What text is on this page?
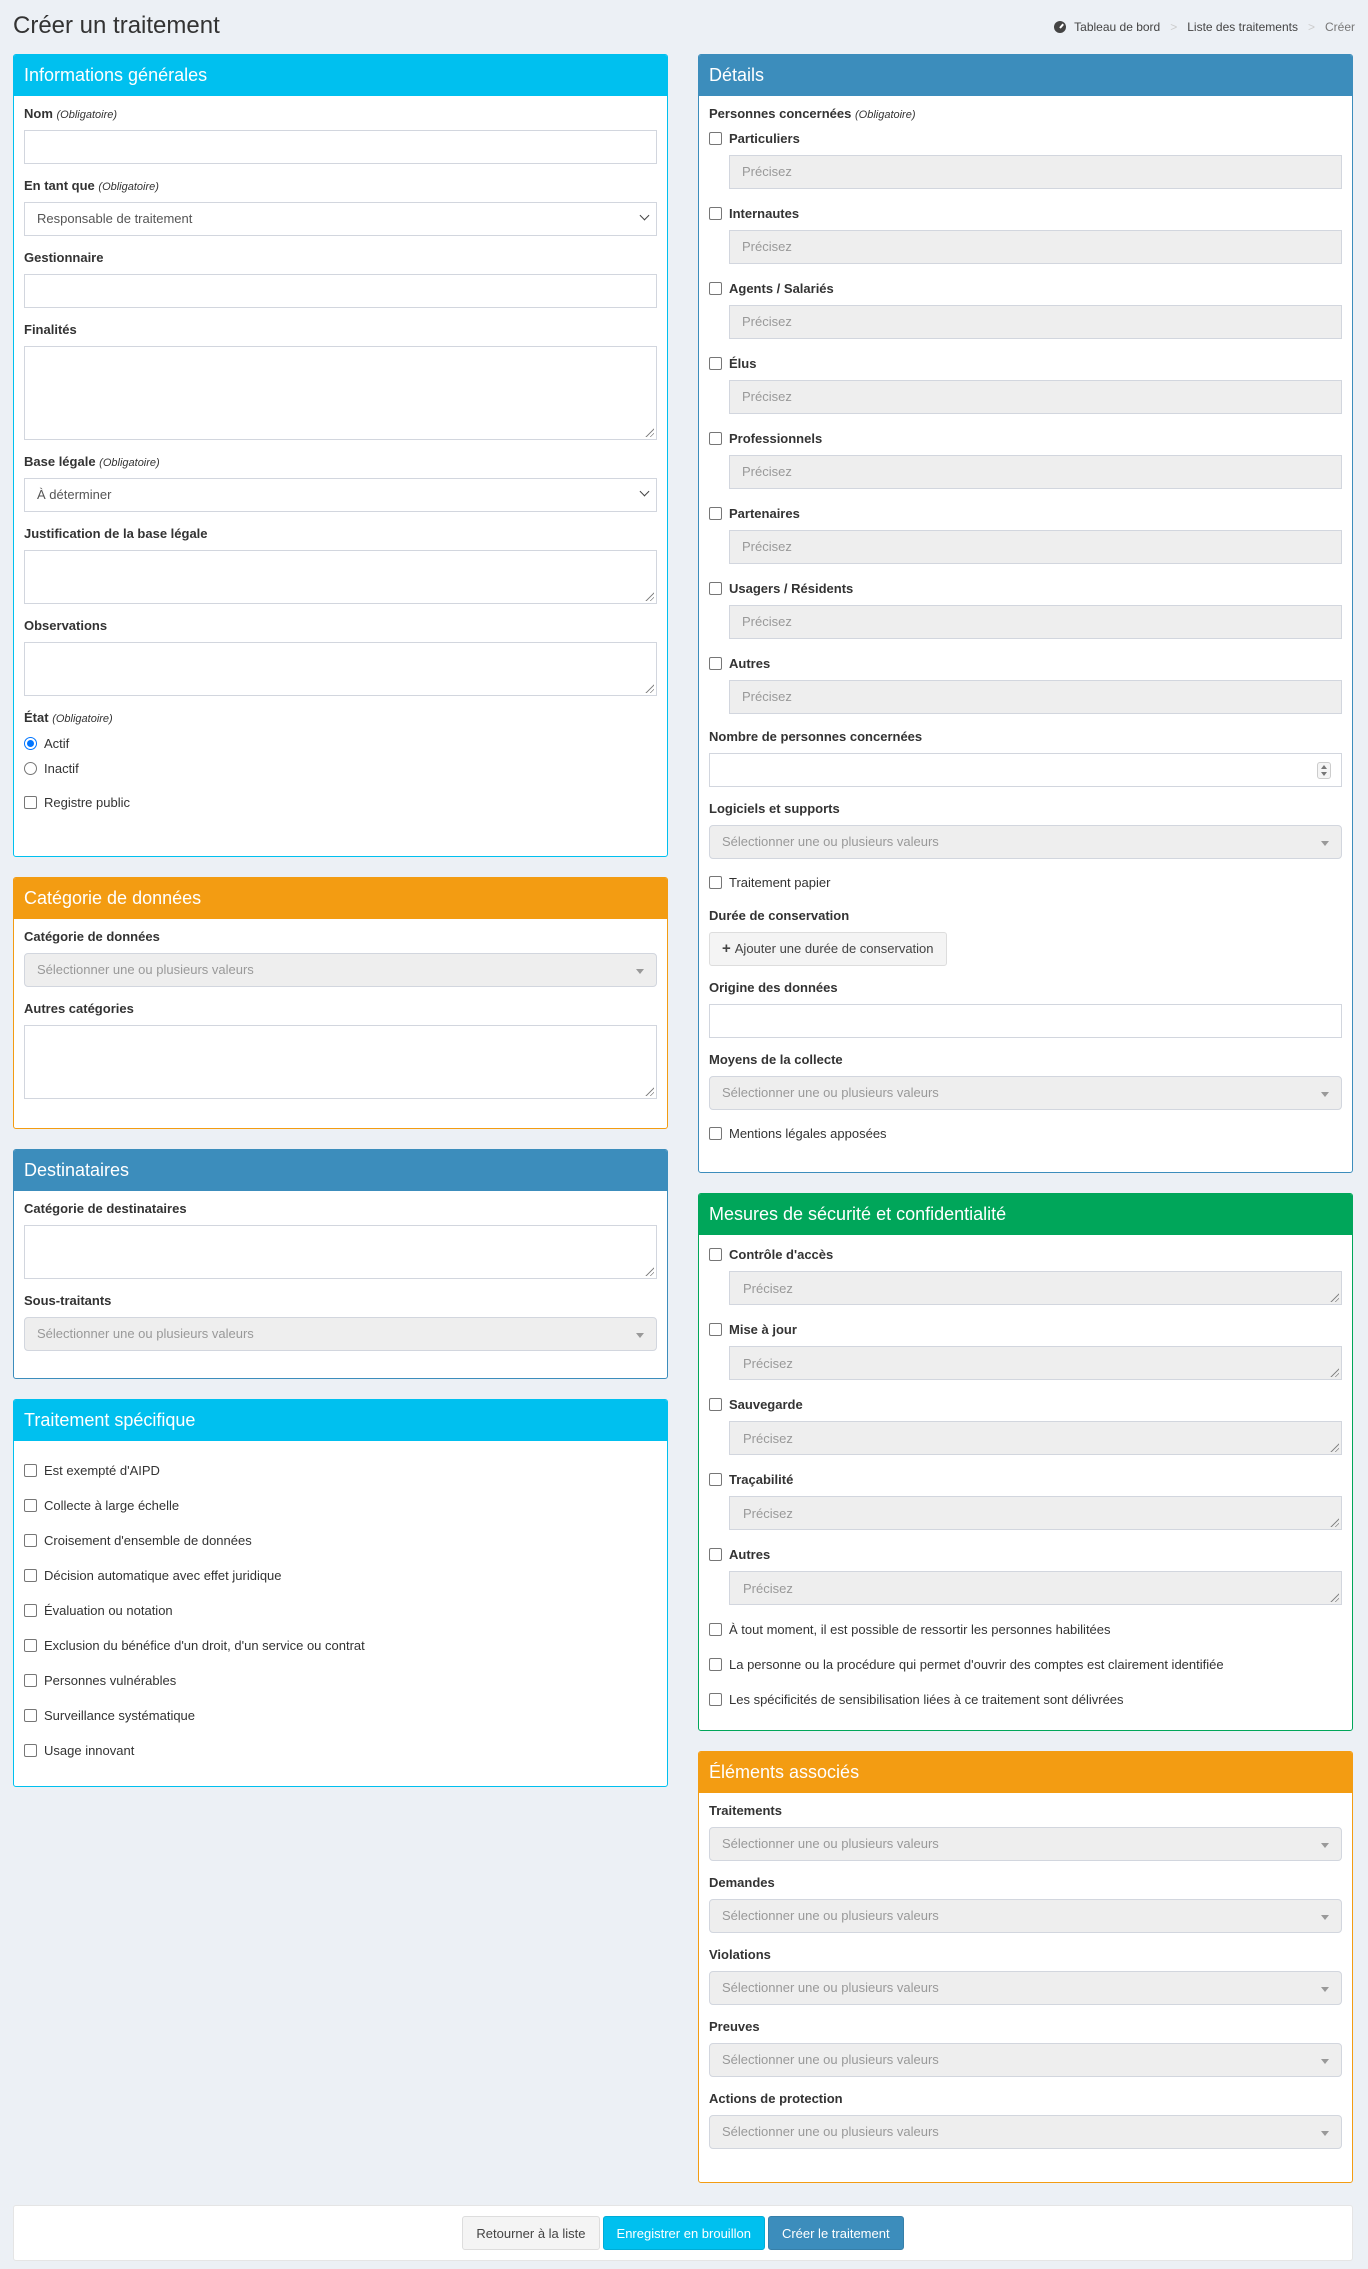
Créer un traitement	Tableau de bord > Liste des traitements > Créer
Informations générales
Nom (Obligatoire)
En tant que (Obligatoire)
Responsable de traitement
Gestionnaire
Finalités
Base légale (Obligatoire)
À déterminer
Justification de la base légale
Observations
État (Obligatoire)
Actif
Inactif
Registre public
Catégorie de données
Catégorie de données
Sélectionner une ou plusieurs valeurs
Autres catégories
Destinataires
Catégorie de destinataires
Sous-traitants
Sélectionner une ou plusieurs valeurs
Traitement spécifique
Est exempté d'AIPD
Collecte à large échelle
Croisement d'ensemble de données
Décision automatique avec effet juridique
Évaluation ou notation
Exclusion du bénéfice d'un droit, d'un service ou contrat
Personnes vulnérables
Surveillance systématique
Usage innovant
Détails
Personnes concernées (Obligatoire)
Particuliers
Précisez
Internautes
Précisez
Agents / Salariés
Précisez
Élus
Précisez
Professionnels
Précisez
Partenaires
Précisez
Usagers / Résidents
Précisez
Autres
Précisez
Nombre de personnes concernées
Logiciels et supports
Sélectionner une ou plusieurs valeurs
Traitement papier
Durée de conservation
+ Ajouter une durée de conservation
Origine des données
Moyens de la collecte
Sélectionner une ou plusieurs valeurs
Mentions légales apposées
Mesures de sécurité et confidentialité
Contrôle d'accès
Précisez
Mise à jour
Précisez
Sauvegarde
Précisez
Traçabilité
Précisez
Autres
Précisez
À tout moment, il est possible de ressortir les personnes habilitées
La personne ou la procédure qui permet d'ouvrir des comptes est clairement identifiée
Les spécificités de sensibilisation liées à ce traitement sont délivrées
Éléments associés
Traitements
Sélectionner une ou plusieurs valeurs
Demandes
Sélectionner une ou plusieurs valeurs
Violations
Sélectionner une ou plusieurs valeurs
Preuves
Sélectionner une ou plusieurs valeurs
Actions de protection
Sélectionner une ou plusieurs valeurs
Retourner à la liste	Enregistrer en brouillon	Créer le traitement
